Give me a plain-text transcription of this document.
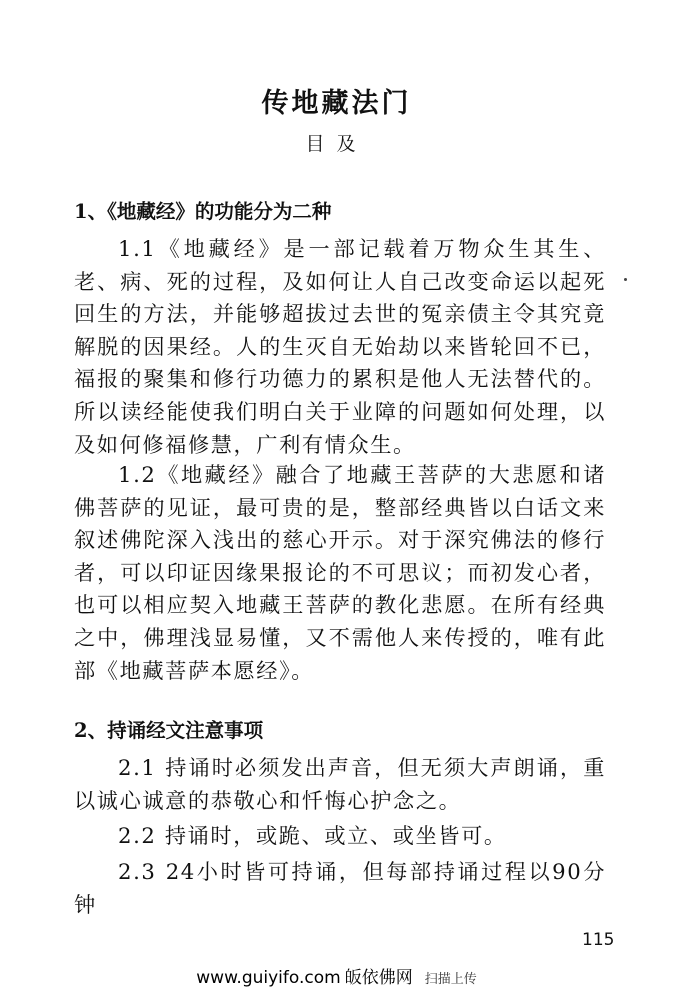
传地藏法门
目及
1、《地藏经》的功能分为二种

1.1《地藏经》是一部记载着万物众生其生、老、病、死的过程，及如何让人自己改变命运以起死回生的方法，并能够超拔过去世的冤亲债主令其究竟解脱的因果经。人的生灭自无始劫以来皆轮回不已，福报的聚集和修行功德力的累积是他人无法替代的。所以读经能使我们明白关于业障的问题如何处理，以及如何修福修慧，广利有情众生。

1.2《地藏经》融合了地藏王菩萨的大悲愿和诸佛菩萨的见证，最可贵的是，整部经典皆以白话文来叙述佛陀深入浅出的慈心开示。对于深究佛法的修行者，可以印证因缘果报论的不可思议；而初发心者，也可以相应契入地藏王菩萨的教化悲愿。在所有经典之中，佛理浅显易懂，又不需他人来传授的，唯有此部《地藏菩萨本愿经》。

2、持诵经文注意事项

2.1 持诵时必须发出声音，但无须大声朗诵，重以诚心诚意的恭敬心和忏悔心护念之。

2.2 持诵时，或跪、或立、或坐皆可。

2.3 24小时皆可持诵，但每部持诵过程以90分钟

115
www.guiyifo.com 皈依佛网 扫描上传
